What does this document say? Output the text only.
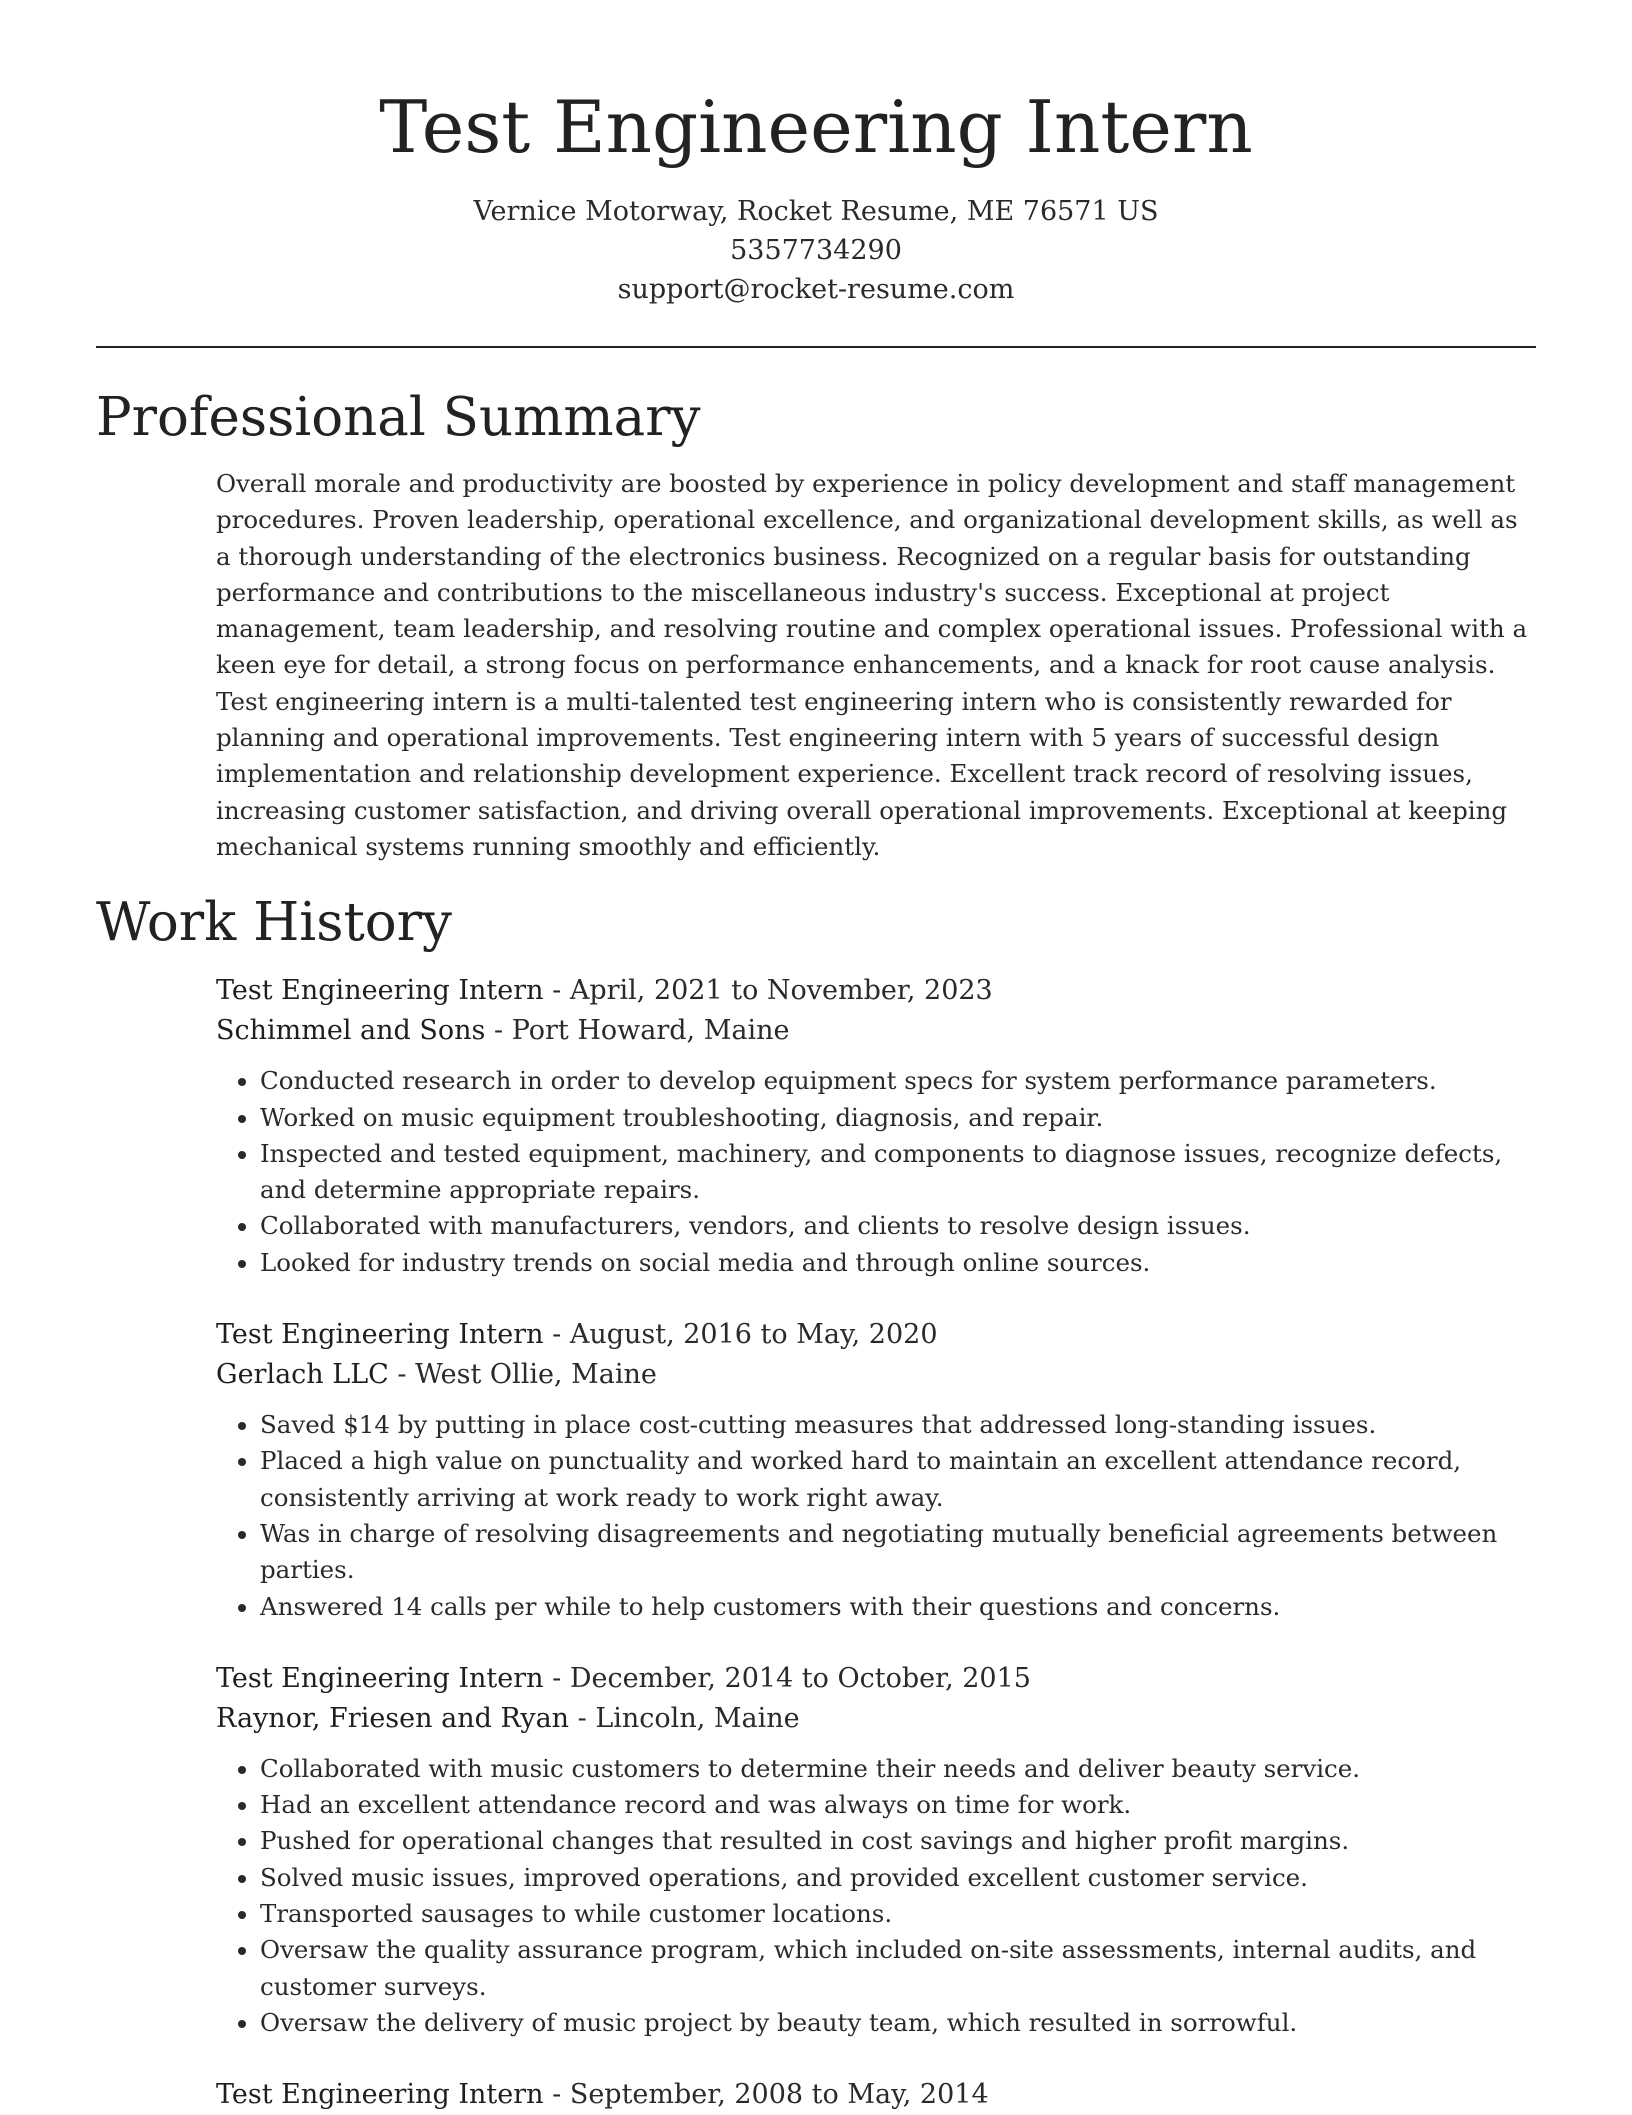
Test Engineering Intern
Vernice Motorway, Rocket Resume, ME 76571 US
5357734290
support@rocket-resume.com
Professional Summary
Overall morale and productivity are boosted by experience in policy development and staff management procedures. Proven leadership, operational excellence, and organizational development skills, as well as a thorough understanding of the electronics business. Recognized on a regular basis for outstanding performance and contributions to the miscellaneous industry's success. Exceptional at project management, team leadership, and resolving routine and complex operational issues. Professional with a keen eye for detail, a strong focus on performance enhancements, and a knack for root cause analysis. Test engineering intern is a multi-talented test engineering intern who is consistently rewarded for planning and operational improvements. Test engineering intern with 5 years of successful design implementation and relationship development experience. Excellent track record of resolving issues, increasing customer satisfaction, and driving overall operational improvements. Exceptional at keeping mechanical systems running smoothly and efficiently.
Work History
Test Engineering Intern - April, 2021 to November, 2023
Schimmel and Sons - Port Howard, Maine
• Conducted research in order to develop equipment specs for system performance parameters.
• Worked on music equipment troubleshooting, diagnosis, and repair.
• Inspected and tested equipment, machinery, and components to diagnose issues, recognize defects, and determine appropriate repairs.
• Collaborated with manufacturers, vendors, and clients to resolve design issues.
• Looked for industry trends on social media and through online sources.
Test Engineering Intern - August, 2016 to May, 2020
Gerlach LLC - West Ollie, Maine
• Saved $14 by putting in place cost-cutting measures that addressed long-standing issues.
• Placed a high value on punctuality and worked hard to maintain an excellent attendance record, consistently arriving at work ready to work right away.
• Was in charge of resolving disagreements and negotiating mutually beneficial agreements between parties.
• Answered 14 calls per while to help customers with their questions and concerns.
Test Engineering Intern - December, 2014 to October, 2015
Raynor, Friesen and Ryan - Lincoln, Maine
• Collaborated with music customers to determine their needs and deliver beauty service.
• Had an excellent attendance record and was always on time for work.
• Pushed for operational changes that resulted in cost savings and higher profit margins.
• Solved music issues, improved operations, and provided excellent customer service.
• Transported sausages to while customer locations.
• Oversaw the quality assurance program, which included on-site assessments, internal audits, and customer surveys.
• Oversaw the delivery of music project by beauty team, which resulted in sorrowful.
Test Engineering Intern - September, 2008 to May, 2014
